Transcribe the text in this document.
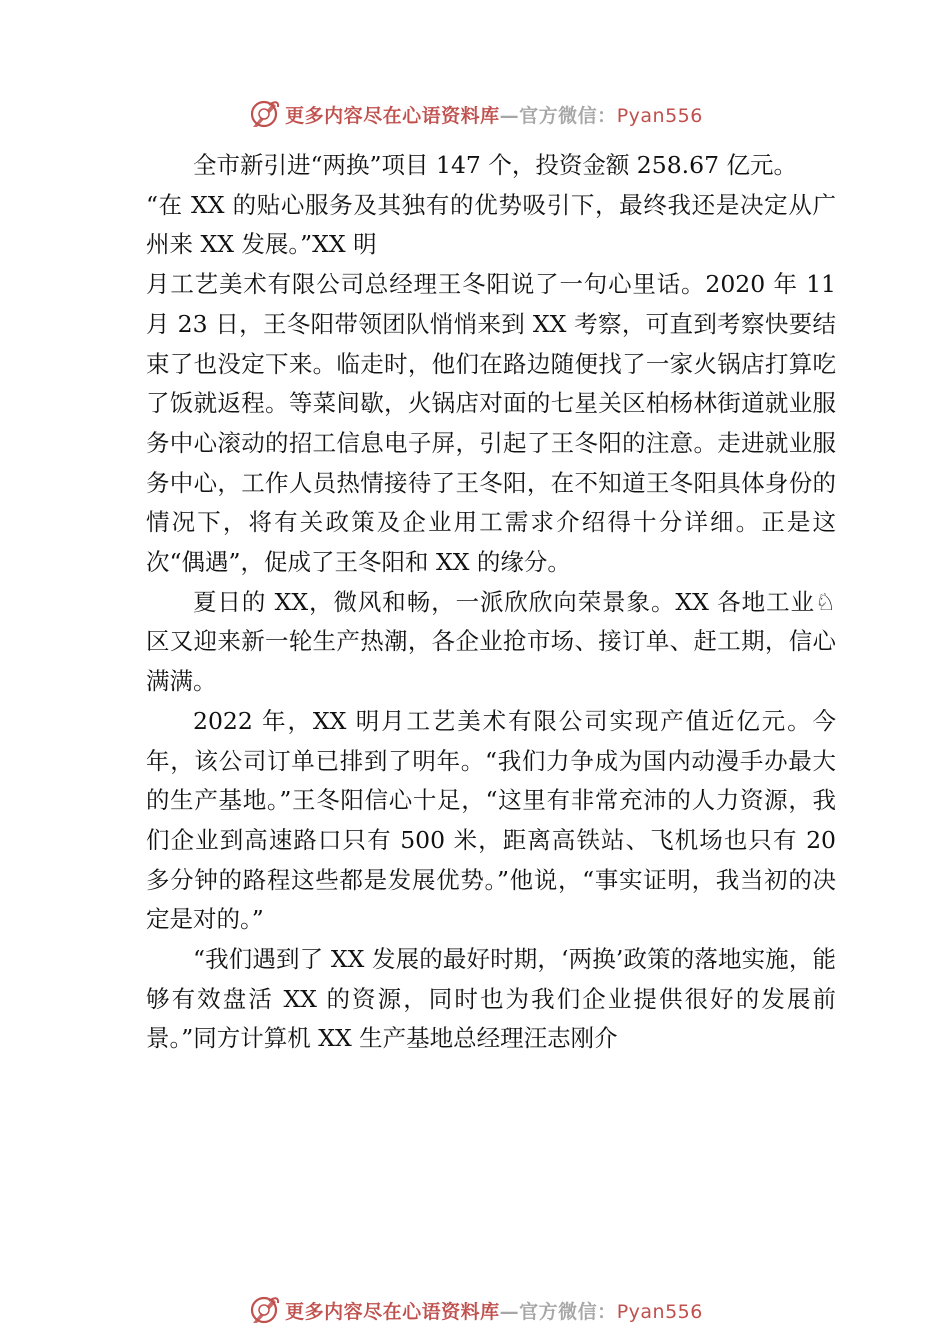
更多内容尽在心语资料库—官方微信：Pyan556

全市新引进“两换”项目 147 个，投资金额 258.67 亿元。

“在 XX 的贴心服务及其独有的优势吸引下，最终我还是决定从广州来 XX 发展。”XX 明

月工艺美术有限公司总经理王冬阳说了一句心里话。2020 年 11 月 23 日，王冬阳带领团队悄悄来到 XX 考察，可直到考察快要结束了也没定下来。临走时，他们在路边随便找了一家火锅店打算吃了饭就返程。等菜间歇，火锅店对面的七星关区柏杨林街道就业服务中心滚动的招工信息电子屏，引起了王冬阳的注意。走进就业服务中心，工作人员热情接待了王冬阳，在不知道王冬阳具体身份的情况下，将有关政策及企业用工需求介绍得十分详细。正是这次“偶遇”，促成了王冬阳和 XX 的缘分。

夏日的 XX，微风和畅，一派欣欣向荣景象。XX 各地工业♘区又迎来新一轮生产热潮，各企业抢市场、接订单、赶工期，信心满满。

2022 年，XX 明月工艺美术有限公司实现产值近亿元。今年，该公司订单已排到了明年。“我们力争成为国内动漫手办最大的生产基地。”王冬阳信心十足，“这里有非常充沛的人力资源，我们企业到高速路口只有 500 米，距离高铁站、飞机场也只有 20 多分钟的路程这些都是发展优势。”他说，“事实证明，我当初的决定是对的。”

“我们遇到了 XX 发展的最好时期，‘两换’政策的落地实施，能够有效盘活 XX 的资源，同时也为我们企业提供很好的发展前景。”同方计算机 XX 生产基地总经理汪志刚介

更多内容尽在心语资料库—官方微信：Pyan556
